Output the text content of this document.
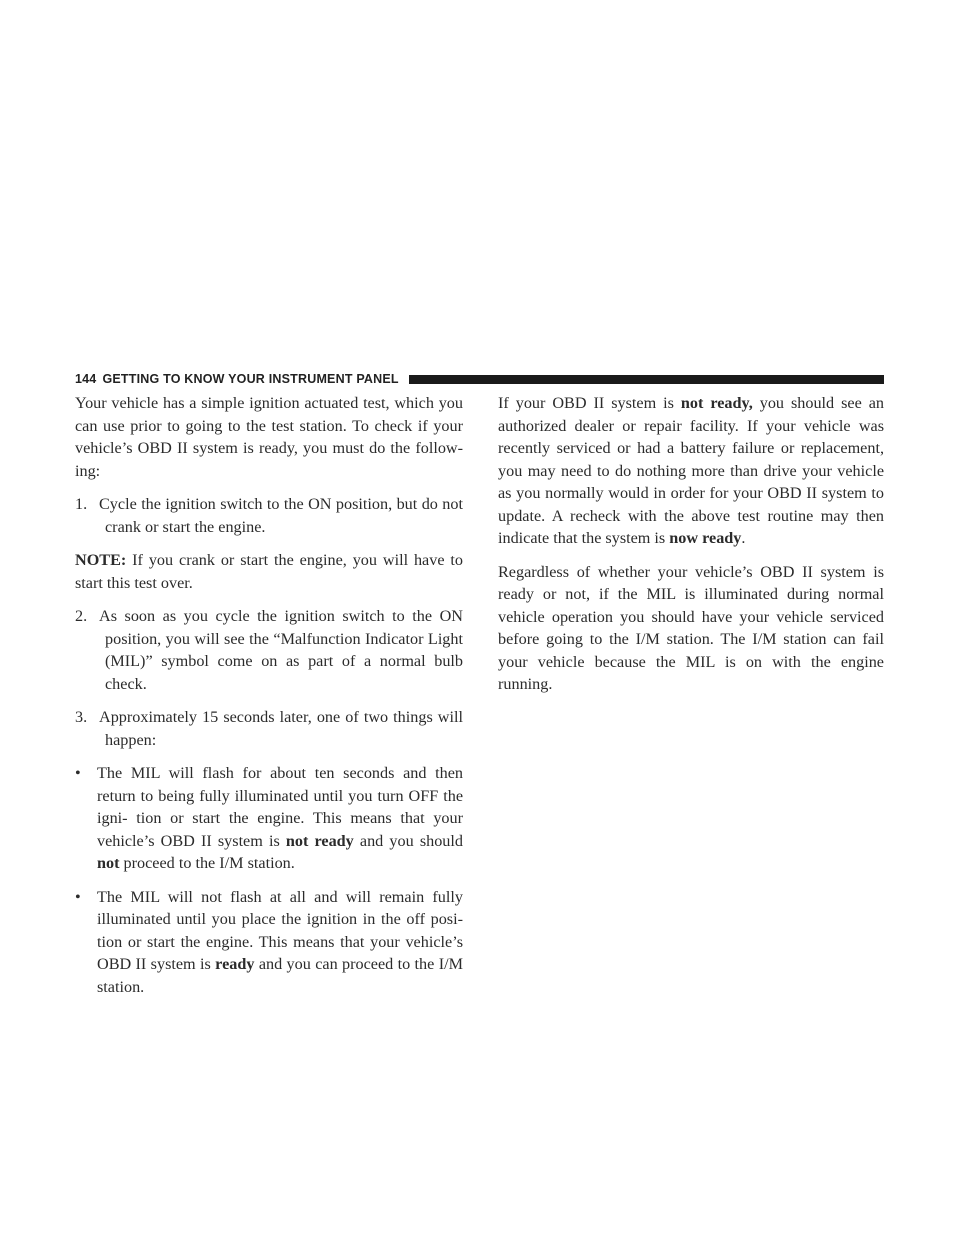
144 GETTING TO KNOW YOUR INSTRUMENT PANEL

Your vehicle has a simple ignition actuated test, which you can use prior to going to the test station. To check if your vehicle’s OBD II system is ready, you must do the follow- ing:

1. Cycle the ignition switch to the ON position, but do not crank or start the engine.

NOTE: If you crank or start the engine, you will have to start this test over.

2. As soon as you cycle the ignition switch to the ON position, you will see the “Malfunction Indicator Light (MIL)” symbol come on as part of a normal bulb check.

3. Approximately 15 seconds later, one of two things will happen:

• The MIL will flash for about ten seconds and then return to being fully illuminated until you turn OFF the igni- tion or start the engine. This means that your vehicle’s OBD II system is not ready and you should not proceed to the I/M station.

• The MIL will not flash at all and will remain fully illuminated until you place the ignition in the off posi- tion or start the engine. This means that your vehicle’s OBD II system is ready and you can proceed to the I/M station.

If your OBD II system is not ready, you should see an authorized dealer or repair facility. If your vehicle was recently serviced or had a battery failure or replacement, you may need to do nothing more than drive your vehicle as you normally would in order for your OBD II system to update. A recheck with the above test routine may then indicate that the system is now ready.

Regardless of whether your vehicle’s OBD II system is ready or not, if the MIL is illuminated during normal vehicle operation you should have your vehicle serviced before going to the I/M station. The I/M station can fail your vehicle because the MIL is on with the engine running.
